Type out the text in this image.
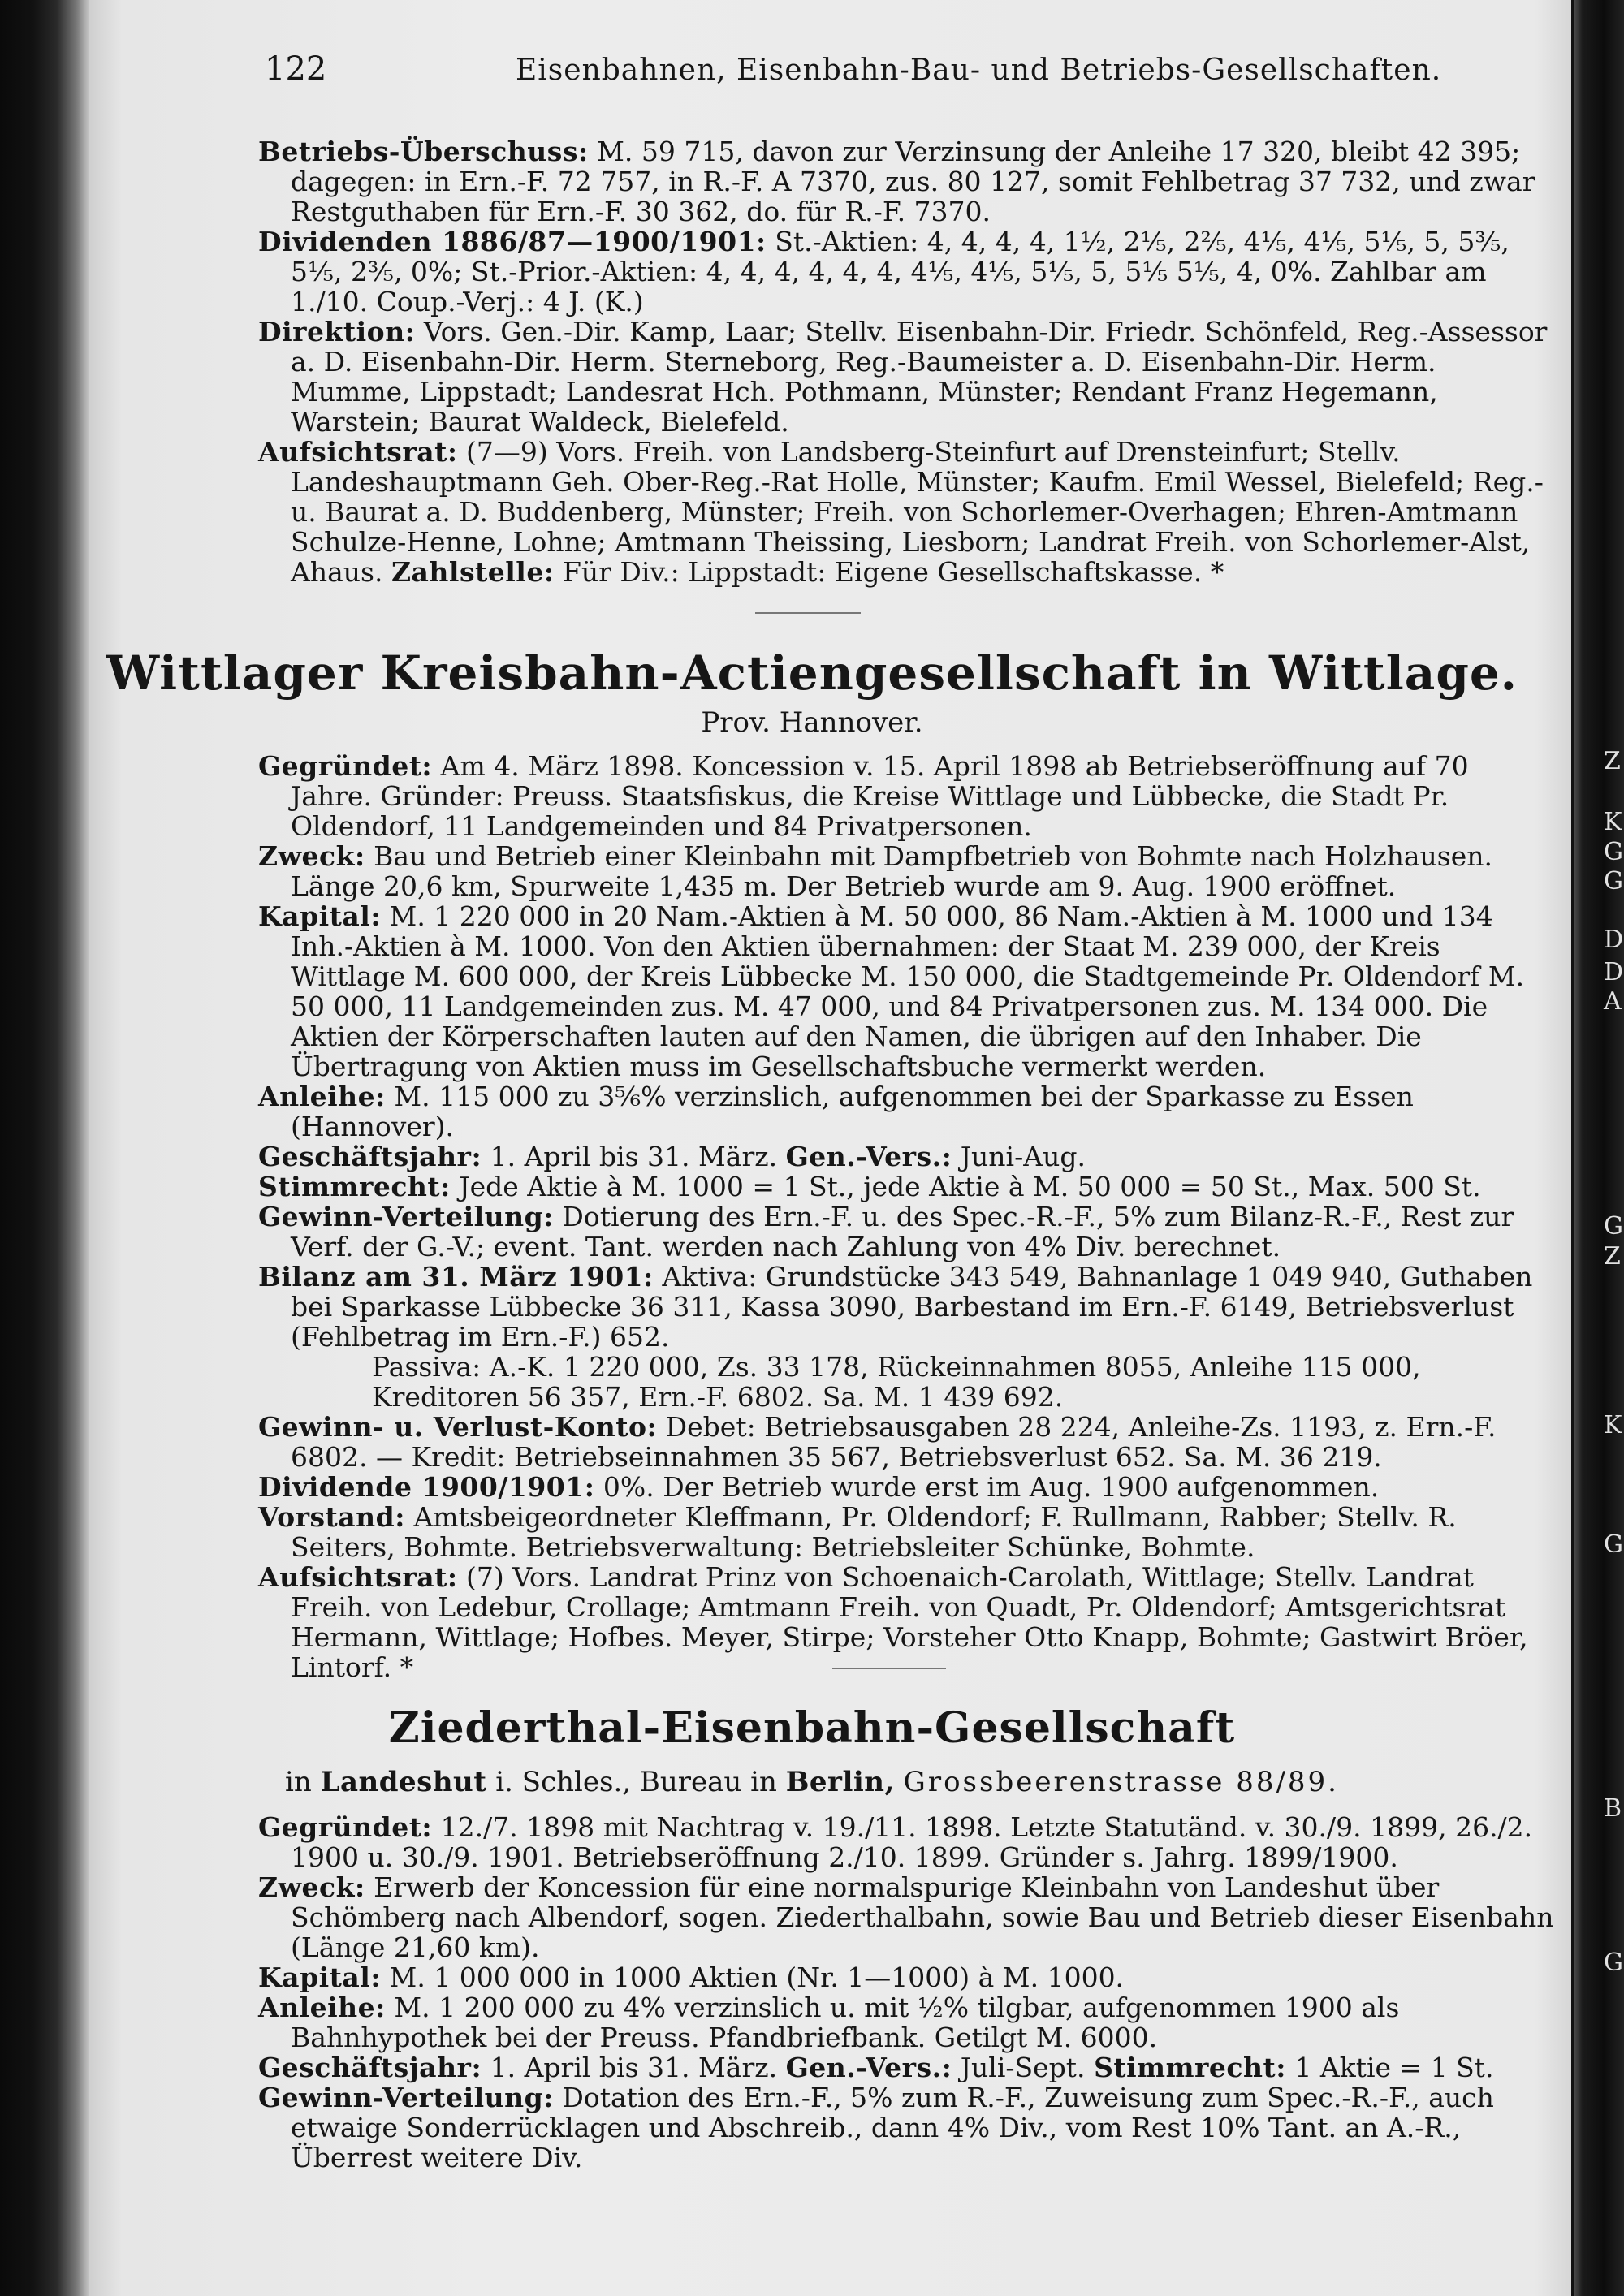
122	Eisenbahnen, Eisenbahn-Bau- und Betriebs-Gesellschaften.

Betriebs-Überschuss: M. 59 715, davon zur Verzinsung der Anleihe 17 320, bleibt 42 395; dagegen: in Ern.-F. 72 757, in R.-F. A 7370, zus. 80 127, somit Fehlbetrag 37 732, und zwar Restguthaben für Ern.-F. 30 362, do. für R.-F. 7370.

Dividenden 1886/87—1900/1901: St.-Aktien: 4, 4, 4, 4, 1½, 2⅕, 2⅖, 4⅕, 4⅕, 5⅕, 5, 5⅗, 5⅕, 2⅗, 0%; St.-Prior.-Aktien: 4, 4, 4, 4, 4, 4, 4⅕, 4⅕, 5⅕, 5, 5⅕ 5⅕, 4, 0%. Zahlbar am 1./10. Coup.-Verj.: 4 J. (K.)

Direktion: Vors. Gen.-Dir. Kamp, Laar; Stellv. Eisenbahn-Dir. Friedr. Schönfeld, Reg.-Assessor a. D. Eisenbahn-Dir. Herm. Sterneborg, Reg.-Baumeister a. D. Eisenbahn-Dir. Herm. Mumme, Lippstadt; Landesrat Hch. Pothmann, Münster; Rendant Franz Hegemann, Warstein; Baurat Waldeck, Bielefeld.

Aufsichtsrat: (7—9) Vors. Freih. von Landsberg-Steinfurt auf Drensteinfurt; Stellv. Landeshauptmann Geh. Ober-Reg.-Rat Holle, Münster; Kaufm. Emil Wessel, Bielefeld; Reg.- u. Baurat a. D. Buddenberg, Münster; Freih. von Schorlemer-Overhagen; Ehren-Amtmann Schulze-Henne, Lohne; Amtmann Theissing, Liesborn; Landrat Freih. von Schorlemer-Alst, Ahaus. Zahlstelle: Für Div.: Lippstadt: Eigene Gesellschaftskasse. *

Wittlager Kreisbahn-Actiengesellschaft in Wittlage.
Prov. Hannover.

Gegründet: Am 4. März 1898. Koncession v. 15. April 1898 ab Betriebseröffnung auf 70 Jahre. Gründer: Preuss. Staatsfiskus, die Kreise Wittlage und Lübbecke, die Stadt Pr. Oldendorf, 11 Landgemeinden und 84 Privatpersonen.

Zweck: Bau und Betrieb einer Kleinbahn mit Dampfbetrieb von Bohmte nach Holzhausen. Länge 20,6 km, Spurweite 1,435 m. Der Betrieb wurde am 9. Aug. 1900 eröffnet.

Kapital: M. 1 220 000 in 20 Nam.-Aktien à M. 50 000, 86 Nam.-Aktien à M. 1000 und 134 Inh.-Aktien à M. 1000. Von den Aktien übernahmen: der Staat M. 239 000, der Kreis Wittlage M. 600 000, der Kreis Lübbecke M. 150 000, die Stadtgemeinde Pr. Oldendorf M. 50 000, 11 Landgemeinden zus. M. 47 000, und 84 Privatpersonen zus. M. 134 000. Die Aktien der Körperschaften lauten auf den Namen, die übrigen auf den Inhaber. Die Übertragung von Aktien muss im Gesellschaftsbuche vermerkt werden.

Anleihe: M. 115 000 zu 3⁵⁄₆% verzinslich, aufgenommen bei der Sparkasse zu Essen (Hannover).

Geschäftsjahr: 1. April bis 31. März. Gen.-Vers.: Juni-Aug.

Stimmrecht: Jede Aktie à M. 1000 = 1 St., jede Aktie à M. 50 000 = 50 St., Max. 500 St.

Gewinn-Verteilung: Dotierung des Ern.-F. u. des Spec.-R.-F., 5% zum Bilanz-R.-F., Rest zur Verf. der G.-V.; event. Tant. werden nach Zahlung von 4% Div. berechnet.

Bilanz am 31. März 1901: Aktiva: Grundstücke 343 549, Bahnanlage 1 049 940, Guthaben bei Sparkasse Lübbecke 36 311, Kassa 3090, Barbestand im Ern.-F. 6149, Betriebsverlust (Fehlbetrag im Ern.-F.) 652.

Passiva: A.-K. 1 220 000, Zs. 33 178, Rückeinnahmen 8055, Anleihe 115 000, Kreditoren 56 357, Ern.-F. 6802. Sa. M. 1 439 692.

Gewinn- u. Verlust-Konto: Debet: Betriebsausgaben 28 224, Anleihe-Zs. 1193, z. Ern.-F. 6802. — Kredit: Betriebseinnahmen 35 567, Betriebsverlust 652. Sa. M. 36 219.

Dividende 1900/1901: 0%. Der Betrieb wurde erst im Aug. 1900 aufgenommen.

Vorstand: Amtsbeigeordneter Kleffmann, Pr. Oldendorf; F. Rullmann, Rabber; Stellv. R. Seiters, Bohmte. Betriebsverwaltung: Betriebsleiter Schünke, Bohmte.

Aufsichtsrat: (7) Vors. Landrat Prinz von Schoenaich-Carolath, Wittlage; Stellv. Landrat Freih. von Ledebur, Crollage; Amtmann Freih. von Quadt, Pr. Oldendorf; Amtsgerichtsrat Hermann, Wittlage; Hofbes. Meyer, Stirpe; Vorsteher Otto Knapp, Bohmte; Gastwirt Bröer, Lintorf. *

Ziederthal-Eisenbahn-Gesellschaft
in Landeshut i. Schles., Bureau in Berlin, Grossbeerenstrasse 88/89.

Gegründet: 12./7. 1898 mit Nachtrag v. 19./11. 1898. Letzte Statutänd. v. 30./9. 1899, 26./2. 1900 u. 30./9. 1901. Betriebseröffnung 2./10. 1899. Gründer s. Jahrg. 1899/1900.

Zweck: Erwerb der Koncession für eine normalspurige Kleinbahn von Landeshut über Schömberg nach Albendorf, sogen. Ziederthalbahn, sowie Bau und Betrieb dieser Eisenbahn (Länge 21,60 km).

Kapital: M. 1 000 000 in 1000 Aktien (Nr. 1—1000) à M. 1000.

Anleihe: M. 1 200 000 zu 4% verzinslich u. mit ½% tilgbar, aufgenommen 1900 als Bahnhypothek bei der Preuss. Pfandbriefbank. Getilgt M. 6000.

Geschäftsjahr: 1. April bis 31. März. Gen.-Vers.: Juli-Sept. Stimmrecht: 1 Aktie = 1 St.

Gewinn-Verteilung: Dotation des Ern.-F., 5% zum R.-F., Zuweisung zum Spec.-R.-F., auch etwaige Sonderrücklagen und Abschreib., dann 4% Div., vom Rest 10% Tant. an A.-R., Überrest weitere Div.

Z
K
G
G
D
D
A
G
Z
K
G
B
G
